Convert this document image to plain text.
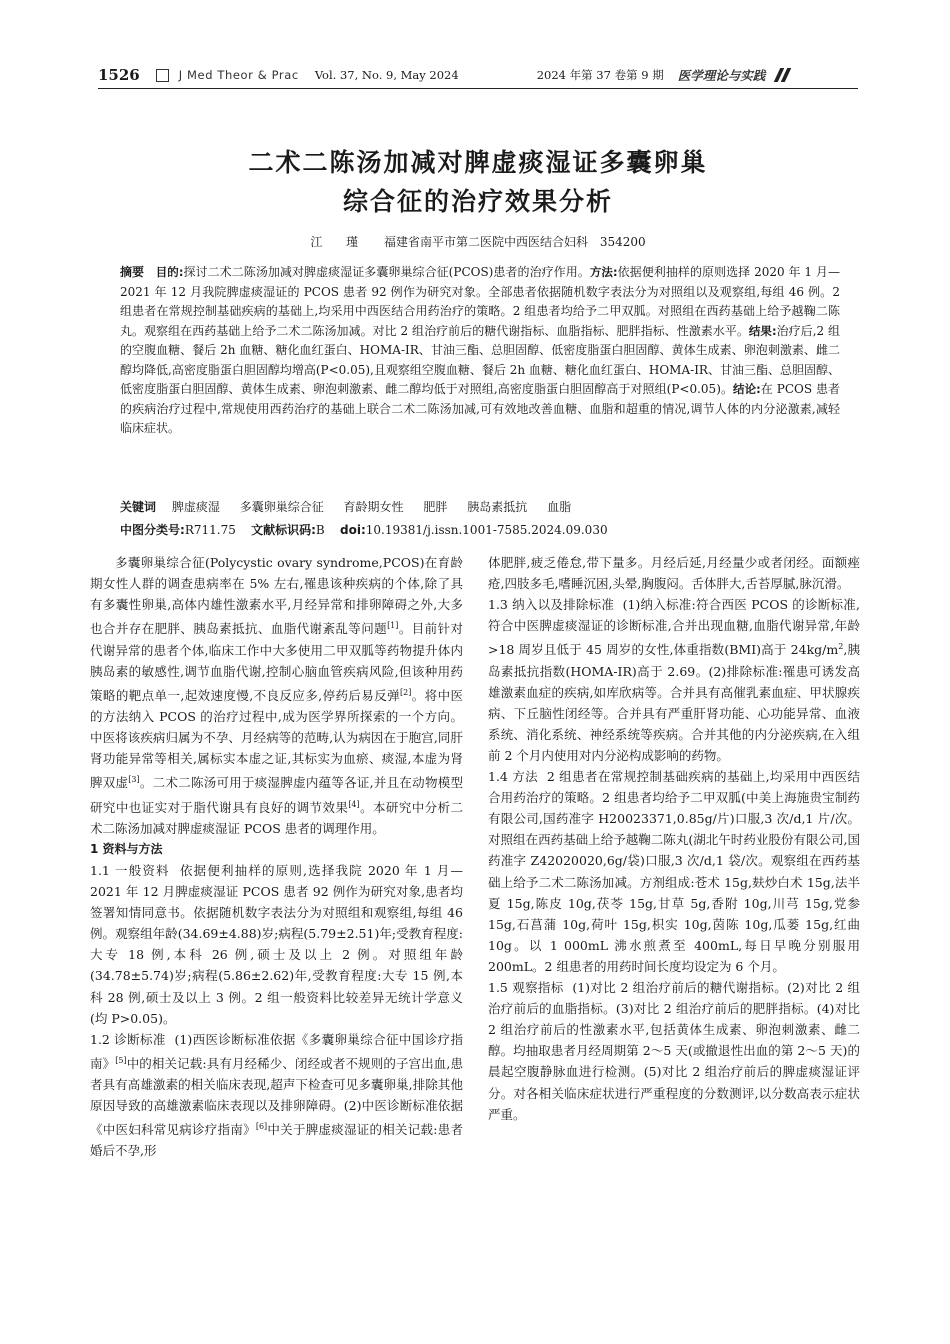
1526	J Med Theor & Prac Vol. 37, No. 9, May 2024	2024 年第 37 卷第 9 期 医学理论与实践
二术二陈汤加减对脾虚痰湿证多囊卵巢
综合征的治疗效果分析
江 瑾 福建省南平市第二医院中西医结合妇科 354200
摘要 目的:探讨二术二陈汤加减对脾虚痰湿证多囊卵巢综合征(PCOS)患者的治疗作用。方法:依据便利抽样的原则选择 2020 年 1 月—2021 年 12 月我院脾虚痰湿证的 PCOS 患者 92 例作为研究对象。全部患者依据随机数字表法分为对照组以及观察组,每组 46 例。2 组患者在常规控制基础疾病的基础上,均采用中西医结合用药治疗的策略。2 组患者均给予二甲双胍。对照组在西药基础上给予越鞠二陈丸。观察组在西药基础上给予二术二陈汤加减。对比 2 组治疗前后的糖代谢指标、血脂指标、肥胖指标、性激素水平。结果:治疗后,2 组的空腹血糖、餐后 2h 血糖、糖化血红蛋白、HOMA-IR、甘油三酯、总胆固醇、低密度脂蛋白胆固醇、黄体生成素、卵泡刺激素、雌二醇均降低,高密度脂蛋白胆固醇均增高(P<0.05),且观察组空腹血糖、餐后 2h 血糖、糖化血红蛋白、HOMA-IR、甘油三酯、总胆固醇、低密度脂蛋白胆固醇、黄体生成素、卵泡刺激素、雌二醇均低于对照组,高密度脂蛋白胆固醇高于对照组(P<0.05)。结论:在 PCOS 患者的疾病治疗过程中,常规使用西药治疗的基础上联合二术二陈汤加减,可有效地改善血糖、血脂和超重的情况,调节人体的内分泌激素,减轻临床症状。
关键词 脾虚痰湿 多囊卵巢综合征 育龄期女性 肥胖 胰岛素抵抗 血脂
中图分类号:R711.75 文献标识码:B doi:10.19381/j.issn.1001-7585.2024.09.030

多囊卵巢综合征(Polycystic ovary syndrome,PCOS)在育龄期女性人群的调查患病率在 5% 左右,罹患该种疾病的个体,除了具有多囊性卵巢,高体内雄性激素水平,月经异常和排卵障碍之外,大多也合并存在肥胖、胰岛素抵抗、血脂代谢紊乱等问题[1]。目前针对代谢异常的患者个体,临床工作中大多使用二甲双胍等药物提升体内胰岛素的敏感性,调节血脂代谢,控制心脑血管疾病风险,但该种用药策略的靶点单一,起效速度慢,不良反应多,停药后易反弹[2]。将中医的方法纳入 PCOS 的治疗过程中,成为医学界所探索的一个方向。中医将该疾病归属为不孕、月经病等的范畴,认为病因在于胞宫,同肝肾功能异常等相关,属标实本虚之证,其标实为血瘀、痰湿,本虚为肾脾双虚[3]。二术二陈汤可用于痰湿脾虚内蕴等各证,并且在动物模型研究中也证实对于脂代谢具有良好的调节效果[4]。本研究中分析二术二陈汤加减对脾虚痰湿证 PCOS 患者的调理作用。

1 资料与方法

1.1 一般资料 依据便利抽样的原则,选择我院 2020 年 1 月—2021 年 12 月脾虚痰湿证 PCOS 患者 92 例作为研究对象,患者均签署知情同意书。依据随机数字表法分为对照组和观察组,每组 46 例。观察组年龄(34.69±4.88)岁;病程(5.79±2.51)年;受教育程度:大专 18 例,本科 26 例,硕士及以上 2 例。对照组年龄(34.78±5.74)岁;病程(5.86±2.62)年,受教育程度:大专 15 例,本科 28 例,硕士及以上 3 例。2 组一般资料比较差异无统计学意义(均 P>0.05)。

1.2 诊断标准 (1)西医诊断标准依据《多囊卵巢综合征中国诊疗指南》[5]中的相关记载:具有月经稀少、闭经或者不规则的子宫出血,患者具有高雄激素的相关临床表现,超声下检查可见多囊卵巢,排除其他原因导致的高雄激素临床表现以及排卵障碍。(2)中医诊断标准依据《中医妇科常见病诊疗指南》[6]中关于脾虚痰湿证的相关记载:患者婚后不孕,形

体肥胖,疲乏倦怠,带下量多。月经后延,月经量少或者闭经。面额痤疮,四肢多毛,嗜睡沉困,头晕,胸腹闷。舌体胖大,舌苔厚腻,脉沉滑。

1.3 纳入以及排除标准 (1)纳入标准:符合西医 PCOS 的诊断标准,符合中医脾虚痰湿证的诊断标准,合并出现血糖,血脂代谢异常,年龄>18 周岁且低于 45 周岁的女性,体重指数(BMI)高于 $24kg/m^2$,胰岛素抵抗指数(HOMA-IR)高于 2.69。(2)排除标准:罹患可诱发高雄激素血症的疾病,如库欣病等。合并具有高催乳素血症、甲状腺疾病、下丘脑性闭经等。合并具有严重肝肾功能、心功能异常、血液系统、消化系统、神经系统等疾病。合并其他的内分泌疾病,在入组前 2 个月内使用对内分泌构成影响的药物。

1.4 方法 2 组患者在常规控制基础疾病的基础上,均采用中西医结合用药治疗的策略。2 组患者均给予二甲双胍(中美上海施贵宝制药有限公司,国药准字 H20023371,0.85g/片)口服,3 次/d,1 片/次。对照组在西药基础上给予越鞠二陈丸(湖北午时药业股份有限公司,国药准字 Z42020020,6g/袋)口服,3 次/d,1 袋/次。观察组在西药基础上给予二术二陈汤加减。方剂组成:苍术 15g,麸炒白术 15g,法半夏 15g,陈皮 10g,茯苓 15g,甘草 5g,香附 10g,川芎 15g,党参 15g,石菖蒲 10g,荷叶 15g,枳实 10g,茵陈 10g,瓜蒌 15g,红曲 10g。以 1 000mL 沸水煎煮至 400mL,每日早晚分别服用 200mL。2 组患者的用药时间长度均设定为 6 个月。

1.5 观察指标 (1)对比 2 组治疗前后的糖代谢指标。(2)对比 2 组治疗前后的血脂指标。(3)对比 2 组治疗前后的肥胖指标。(4)对比 2 组治疗前后的性激素水平,包括黄体生成素、卵泡刺激素、雌二醇。均抽取患者月经周期第 2～5 天(或撤退性出血的第 2～5 天)的晨起空腹静脉血进行检测。(5)对比 2 组治疗前后的脾虚痰湿证评分。对各相关临床症状进行严重程度的分数测评,以分数高表示症状严重。
